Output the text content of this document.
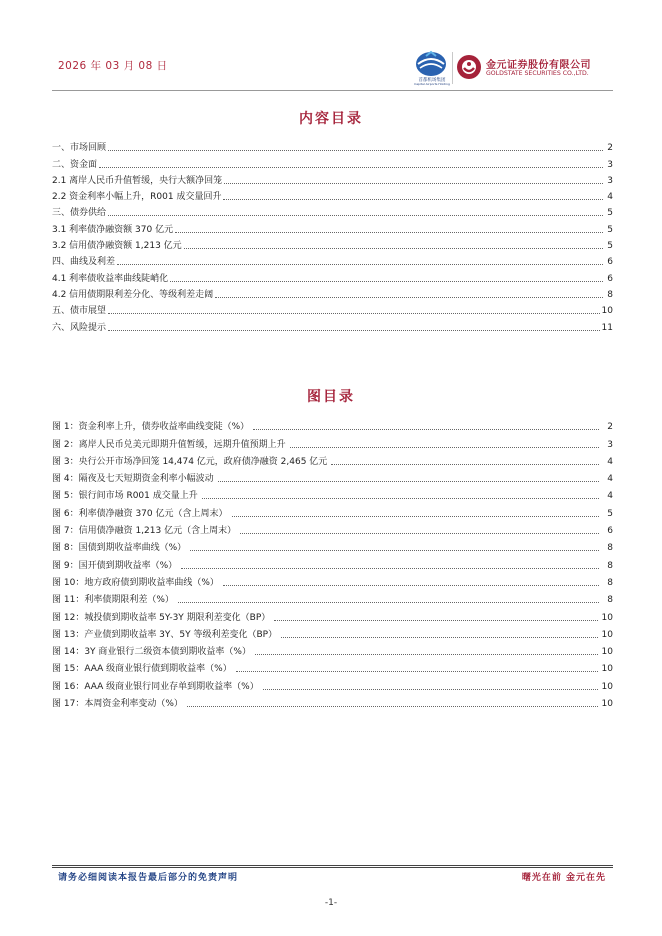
2026 年 03 月 08 日
首都机场集团
Capital Airports Holding
金元证券股份有限公司
GOLDSTATE SECURITIES CO.,LTD.
内容目录
一、市场回顾	2
二、资金面	3
2.1 离岸人民币升值暂缓，央行大额净回笼	3
2.2 资金利率小幅上升，R001 成交量回升	4
三、债券供给	5
3.1 利率债净融资额 370 亿元	5
3.2 信用债净融资额 1,213 亿元	5
四、曲线及利差	6
4.1 利率债收益率曲线陡峭化	6
4.2 信用债期限利差分化、等级利差走阔	8
五、债市展望	10
六、风险提示	11
图目录
图 1：资金利率上升，债券收益率曲线变陡（%）	2
图 2：离岸人民币兑美元即期升值暂缓，远期升值预期上升	3
图 3：央行公开市场净回笼 14,474 亿元，政府债净融资 2,465 亿元	4
图 4：隔夜及七天短期资金利率小幅波动	4
图 5：银行间市场 R001 成交量上升	4
图 6：利率债净融资 370 亿元（含上周末）	5
图 7：信用债净融资 1,213 亿元（含上周末）	6
图 8：国债到期收益率曲线（%）	8
图 9：国开债到期收益率（%）	8
图 10：地方政府债到期收益率曲线（%）	8
图 11：利率债期限利差（%）	8
图 12：城投债到期收益率 5Y-3Y 期限利差变化（BP）	10
图 13：产业债到期收益率 3Y、5Y 等级利差变化（BP）	10
图 14：3Y 商业银行二级资本债到期收益率（%）	10
图 15：AAA 级商业银行债到期收益率（%）	10
图 16：AAA 级商业银行同业存单到期收益率（%）	10
图 17：本周资金利率变动（%）	10
请务必细阅读本报告最后部分的免责声明	曙光在前 金元在先
-1-
